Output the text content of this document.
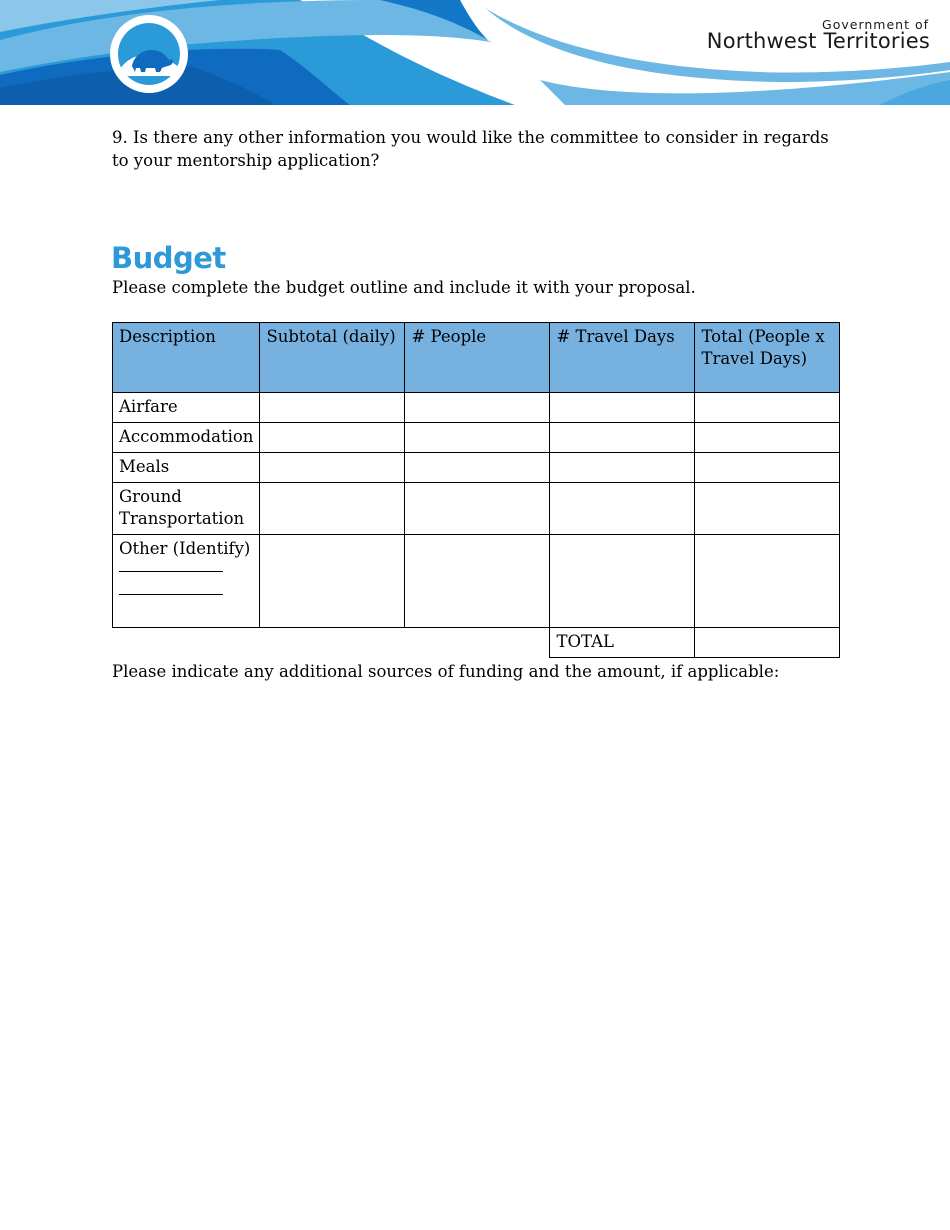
Government of
Northwest Territories
9. Is there any other information you would like the committee to consider in regards to your mentorship application?
Budget
Please complete the budget outline and include it with your proposal.
Description	Subtotal (daily)	# People	# Travel Days	Total (People x Travel Days)
Airfare				
Accommodation				
Meals				
Ground Transportation				
Other (Identify)

			TOTAL	
Please indicate any additional sources of funding and the amount, if applicable:
